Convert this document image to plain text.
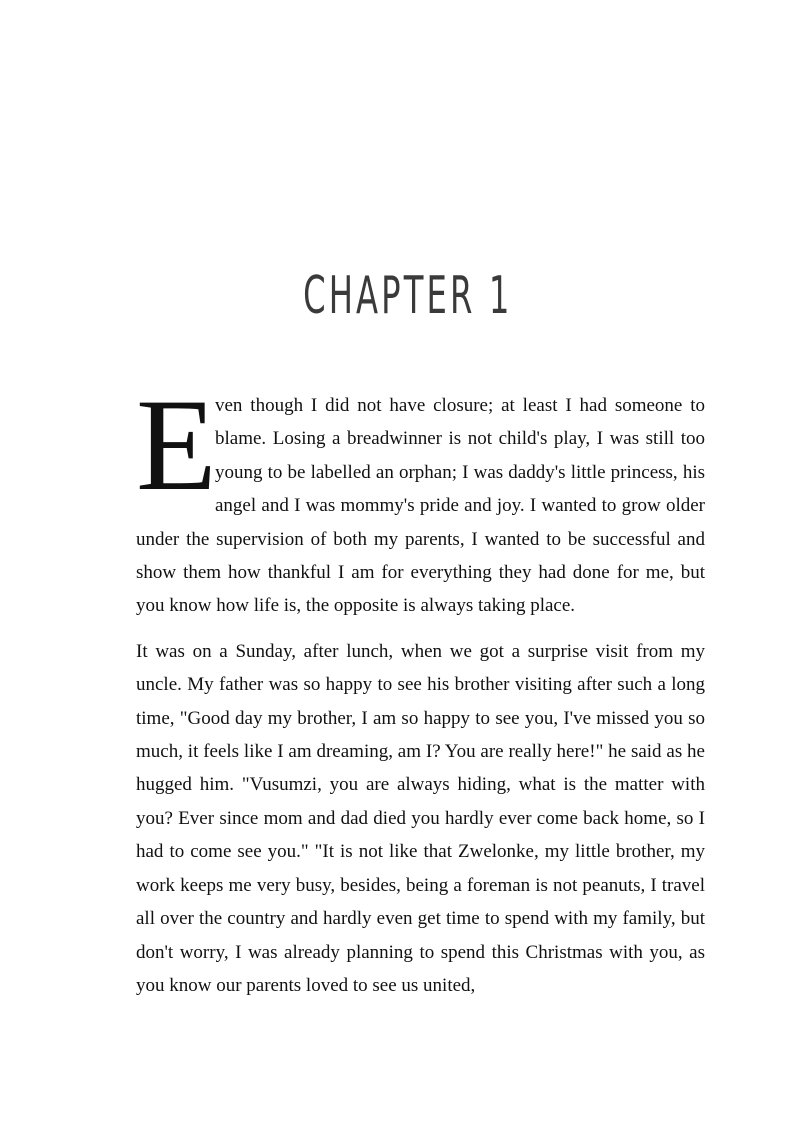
CHAPTER 1

E
ven though I did not have closure; at least I had someone to blame. Losing a breadwinner is not child's play, I was still too young to be labelled an orphan; I was daddy's little princess, his angel and I was mommy's pride and joy. I wanted to grow older under the supervision of both my parents, I wanted to be successful and show them how thankful I am for everything they had done for me, but you know how life is, the opposite is always taking place.

It was on a Sunday, after lunch, when we got a surprise visit from my uncle. My father was so happy to see his brother visiting after such a long time, "Good day my brother, I am so happy to see you, I've missed you so much, it feels like I am dreaming, am I? You are really here!" he said as he hugged him. "Vusumzi, you are always hiding, what is the matter with you? Ever since mom and dad died you hardly ever come back home, so I had to come see you." "It is not like that Zwelonke, my little brother, my work keeps me very busy, besides, being a foreman is not peanuts, I travel all over the country and hardly even get time to spend with my family, but don't worry, I was already planning to spend this Christmas with you, as you know our parents loved to see us united,
